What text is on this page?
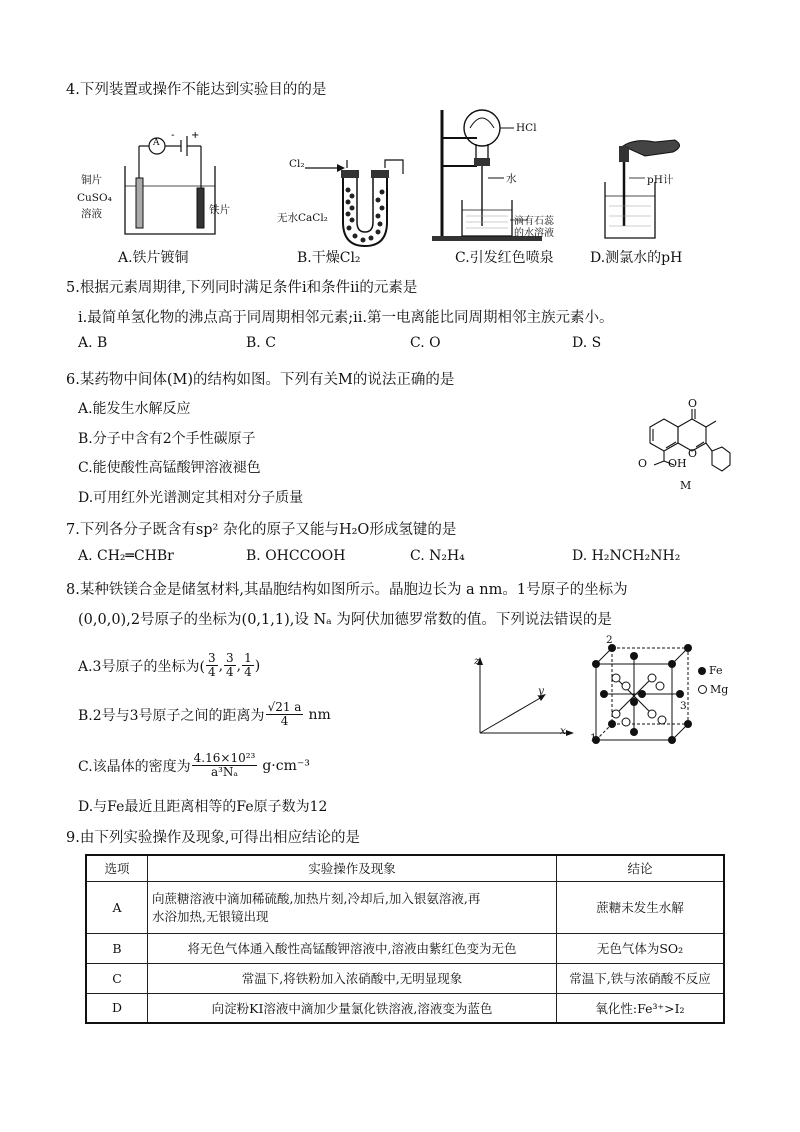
4.下列装置或操作不能达到实验目的的是
+
-
A
铜片
CuSO₄
溶液	铁片
A.铁片镀铜
Cl₂
无水CaCl₂
B.干燥Cl₂
HCl
水
滴有石蕊
的水溶液
C.引发红色喷泉
pH计
D.测氯水的pH
5.根据元素周期律,下列同时满足条件ⅰ和条件ⅱ的元素是
ⅰ.最简单氢化物的沸点高于同周期相邻元素;ⅱ.第一电离能比同周期相邻主族元素小。
A. B	B. C	C. O	D. S
6.某药物中间体(M)的结构如图。下列有关M的说法正确的是
A.能发生水解反应
B.分子中含有2个手性碳原子
C.能使酸性高锰酸钾溶液褪色
D.可用红外光谱测定其相对分子质量
O
O
O OH
M
7.下列各分子既含有sp² 杂化的原子又能与H₂O形成氢键的是
A. CH₂═CHBr	B. OHCCOOH	C. N₂H₄	D. H₂NCH₂NH₂
8.某种铁镁合金是储氢材料,其晶胞结构如图所示。晶胞边长为 a nm。1号原子的坐标为
(0,0,0),2号原子的坐标为(0,1,1),设 Nₐ 为阿伏加德罗常数的值。下列说法错误的是
A.3号原子的坐标为( $\frac{3}{4}$ , $\frac{3}{4}$ , $\frac{1}{4}$ )
B.2号与3号原子之间的距离为 $\frac{√21 a}{4}$ nm
C.该晶体的密度为 $\frac{\text{4.16×10²³}}{\text{a³Nₐ}} g\cdot cm^{-3}$
D.与Fe最近且距离相等的Fe原子数为12
z
y
x
2
1
3
Fe
Mg
9.由下列实验操作及现象,可得出相应结论的是
选项	实验操作及现象	结论
A	向蔗糖溶液中滴加稀硫酸,加热片刻,冷却后,加入银氨溶液,再
水浴加热,无银镜出现	蔗糖未发生水解
B	将无色气体通入酸性高锰酸钾溶液中,溶液由紫红色变为无色	无色气体为SO₂
C	常温下,将铁粉加入浓硝酸中,无明显现象	常温下,铁与浓硝酸不反应
D	向淀粉KI溶液中滴加少量氯化铁溶液,溶液变为蓝色	氧化性:Fe³⁺>I₂
